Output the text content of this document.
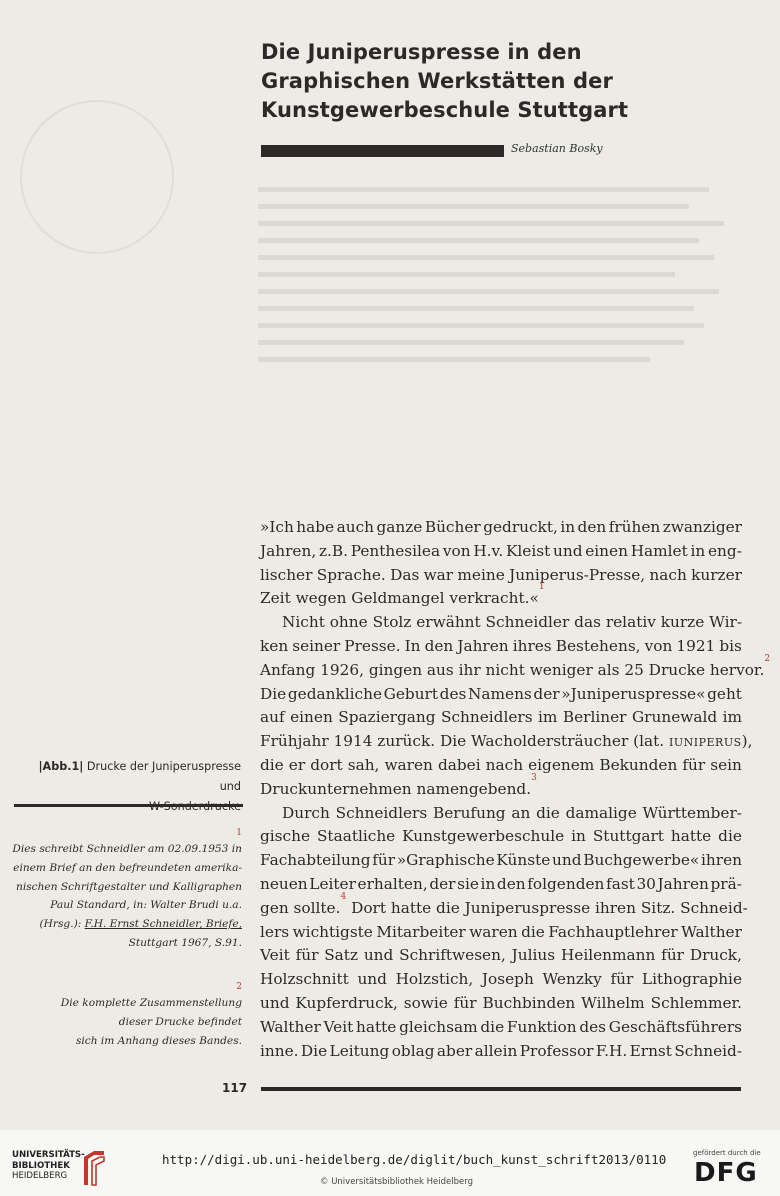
Die Juniperuspresse in den
Graphischen Werkstätten der
Kunstgewerbeschule Stuttgart
Sebastian Bosky
»Ich habe auch ganze Bücher gedruckt, in den frühen zwanziger
Jahren, z.B. Penthesilea von H.v. Kleist und einen Hamlet in eng-
lischer Sprache. Das war meine Juniperus-Presse, nach kurzer
Zeit wegen Geldmangel verkracht.«
1
Nicht ohne Stolz erwähnt Schneidler das relativ kurze Wir-
ken seiner Presse. In den Jahren ihres Bestehens, von 1921 bis
Anfang 1926, gingen aus ihr nicht weniger als 25 Drucke hervor.
2
Die gedankliche Geburt des Namens der »Juniperuspresse« geht
auf einen Spaziergang Schneidlers im Berliner Grunewald im
Frühjahr 1914 zurück. Die Wacholdersträucher (lat. iuniperus),
die er dort sah, waren dabei nach eigenem Bekunden für sein
Druckunternehmen namengebend.
3
Durch Schneidlers Berufung an die damalige Württember-
gische Staatliche Kunstgewerbeschule in Stuttgart hatte die
Fachabteilung für »Graphische Künste und Buchgewerbe« ihren
neuen Leiter erhalten, der sie in den folgenden fast 30 Jahren prä-
gen sollte.
4
Dort hatte die Juniperuspresse ihren Sitz. Schneid-
lers wichtigste Mitarbeiter waren die Fachhauptlehrer Walther
Veit für Satz und Schriftwesen, Julius Heilenmann für Druck,
Holzschnitt und Holzstich, Joseph Wenzky für Lithographie
und Kupferdruck, sowie für Buchbinden Wilhelm Schlemmer.
Walther Veit hatte gleichsam die Funktion des Geschäftsführers
inne. Die Leitung oblag aber allein Professor F.H. Ernst Schneid-
|Abb.1| Drucke der Juniperuspresse und
1
Dies schreibt Schneidler am 02.09.1953 in
einem Brief an den befreundeten amerika-
nischen Schriftgestalter und Kalligraphen
Paul Standard, in: Walter Brudi u.a.
(Hrsg.): F.H. Ernst Schneidler, Briefe,
Stuttgart 1967, S.91.
2
Die komplette Zusammenstellung
dieser Drucke befindet
sich im Anhang dieses Bandes.
117
UNIVERSITÄTS-
BIBLIOTHEK
HEIDELBERG
http://digi.ub.uni-heidelberg.de/diglit/buch_kunst_schrift2013/0110
© Universitätsbibliothek Heidelberg
gefördert durch die
DFG
